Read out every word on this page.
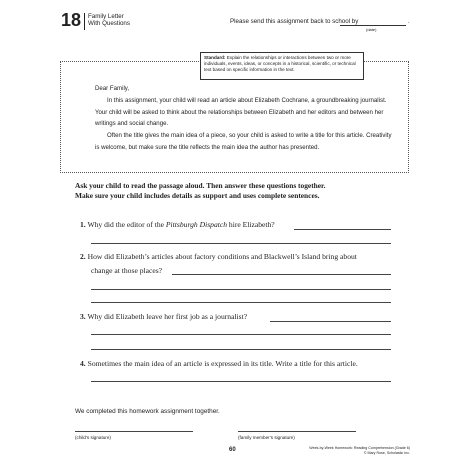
18 Family Letter
With Questions	Please send this assignment back to school by	.
(date)
Standard: Explain the relationships or interactions between two or more individuals, events, ideas, or concepts in a historical, scientific, or technical text based on specific information in the text.
Dear Family,
In this assignment, your child will read an article about Elizabeth Cochrane, a groundbreaking journalist. Your child will be asked to think about the relationships between Elizabeth and her editors and between her writings and social change.
Often the title gives the main idea of a piece, so your child is asked to write a title for this article. Creativity is welcome, but make sure the title reflects the main idea the author has presented.
Ask your child to read the passage aloud. Then answer these questions together.
Make sure your child includes details as support and uses complete sentences.
1. Why did the editor of the Pittsburgh Dispatch hire Elizabeth?
2. How did Elizabeth’s articles about factory conditions and Blackwell’s Island bring about
change at those places?
3. Why did Elizabeth leave her first job as a journalist?
4. Sometimes the main idea of an article is expressed in its title. Write a title for this article.
We completed this homework assignment together.
(child’s signature)	(family member’s signature)
60	Week-by-Week Homework: Reading Comprehension (Grade 6)
© Mary Rose, Scholastic Inc.
